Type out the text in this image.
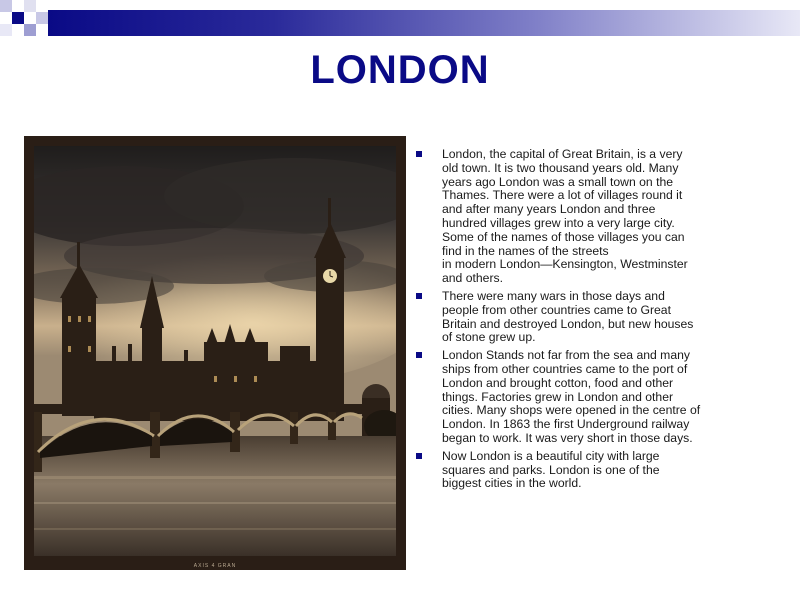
LONDON
AXIS 4 GRAN
London, the capital of Great Britain, is a very
old town. It is two thousand years old. Many
years ago London was a small town on the
Thames. There were a lot of villages round it
and after many years London and three
hundred villages grew into a very large city.
Some of the names of those villages you can
find in the names of the streets
in modern London—Kensington, Westminster
and others.
There were many wars in those days and
people from other countries came to Great
Britain and destroyed London, but new houses
of stone grew up.
London Stands not far from the sea and many
ships from other countries came to the port of
London and brought cotton, food and other
things. Factories grew in London and other
cities. Many shops were opened in the centre of
London. In 1863 the first Underground railway
began to work. It was very short in those days.
Now London is a beautiful city with large
squares and parks. London is one of the
biggest cities in the world.
